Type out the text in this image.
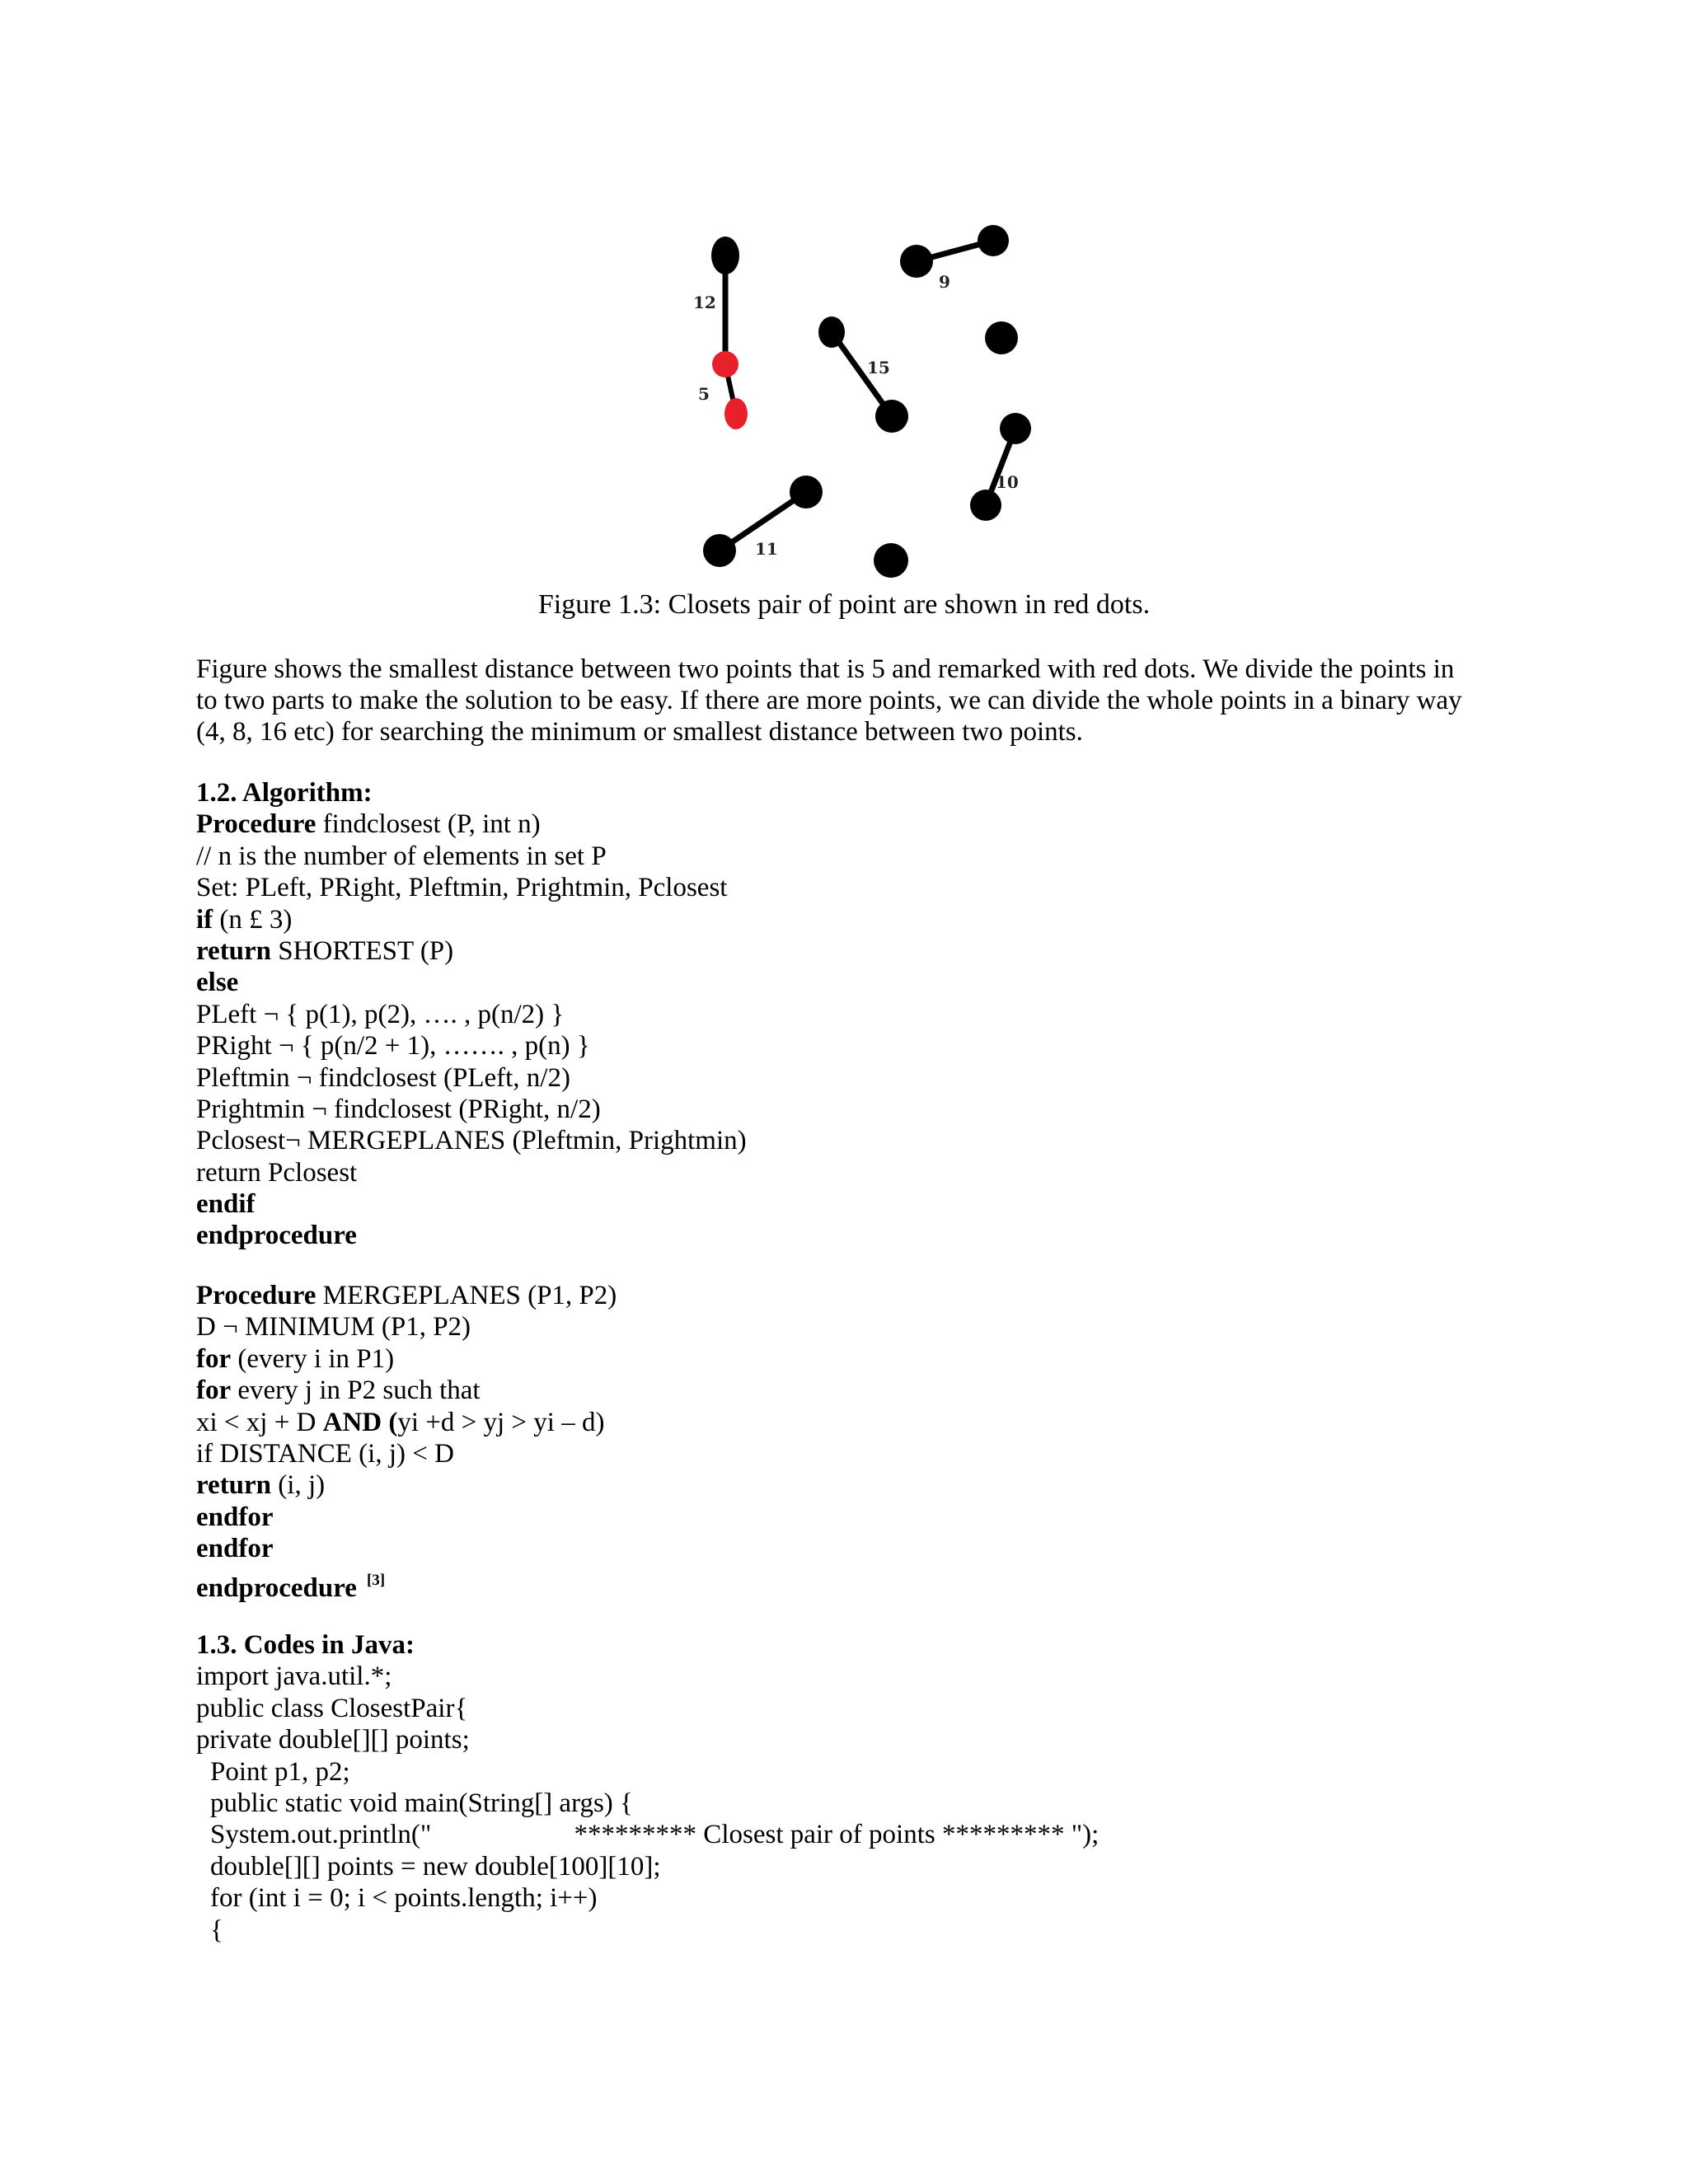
12
5
15
9
10
11
Figure 1.3: Closets pair of point are shown in red dots.

Figure shows the smallest distance between two points that is 5 and remarked with red dots. We divide the points in

to two parts to make the solution to be easy. If there are more points, we can divide the whole points in a binary way

(4, 8, 16 etc) for searching the minimum or smallest distance between two points.

1.2. Algorithm:
Procedure findclosest (P, int n)
// n is the number of elements in set P
Set: PLeft, PRight, Pleftmin, Prightmin, Pclosest
if (n £ 3)
return SHORTEST (P)
else
PLeft ¬ { p(1), p(2), …. , p(n/2) }
PRight ¬ { p(n/2 + 1), ……. , p(n) }
Pleftmin ¬ findclosest (PLeft, n/2)
Prightmin ¬ findclosest (PRight, n/2)
Pclosest¬ MERGEPLANES (Pleftmin, Prightmin)
return Pclosest
endif
endprocedure
Procedure MERGEPLANES (P1, P2)
D ¬ MINIMUM (P1, P2)
for (every i in P1)
for every j in P2 such that
xi < xj + D AND (yi +d > yj > yi – d)
if DISTANCE (i, j) < D
return (i, j)
endfor
endfor
endprocedure [3]
1.3. Codes in Java:
import java.util.*;
public class ClosestPair{
private double[][] points;
Point p1, p2;
public static void main(String[] args) {
System.out.println("                     ********* Closest pair of points ********* ");
double[][] points = new double[100][10];
for (int i = 0; i < points.length; i++)
{
